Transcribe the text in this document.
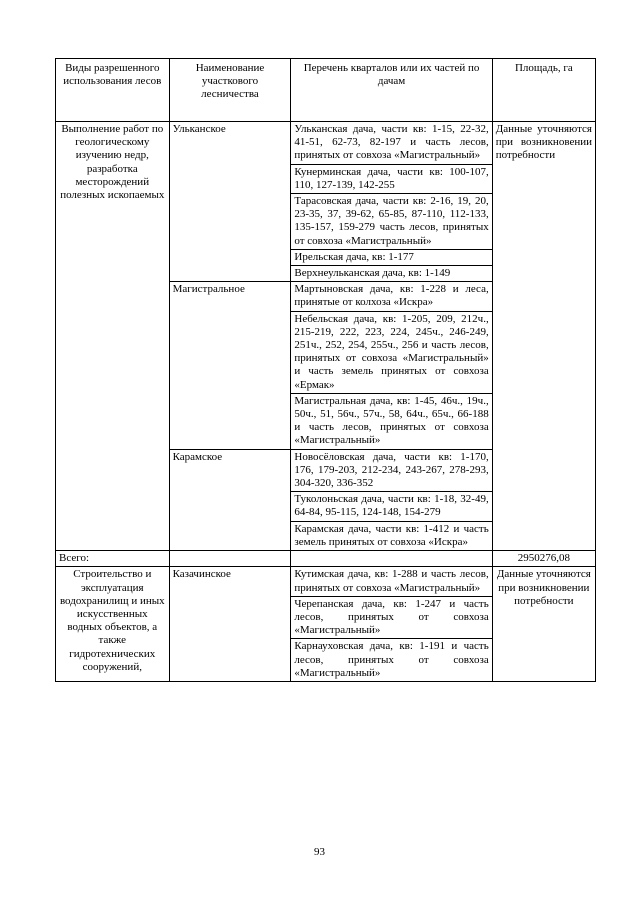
Виды разрешенного использования лесов	Наименование участкового лесничества	Перечень кварталов или их частей по дачам	Площадь, га
Выполнение работ по геологическому изучению недр, разработка месторождений полезных ископаемых	Ульканское	Ульканская дача, части кв: 1-15, 22-32, 41-51, 62-73, 82-197 и часть лесов, принятых от совхоза «Магистральный»	Данные уточняются при возникновении потребности
		Кунерминская дача, части кв: 100-107, 110, 127-139, 142-255	
		Тарасовская дача, части кв: 2-16, 19, 20, 23-35, 37, 39-62, 65-85, 87-110, 112-133, 135-157, 159-279 часть лесов, принятых от совхоза «Магистральный»	
		Ирельская дача, кв: 1-177	
		Верхнеульканская дача, кв: 1-149	
	Магистральное	Мартыновская дача, кв: 1-228 и леса, принятые от колхоза «Искра»	
		Небельская дача, кв: 1-205, 209, 212ч., 215-219, 222, 223, 224, 245ч., 246-249, 251ч., 252, 254, 255ч., 256 и часть лесов, принятых от совхоза «Магистральный» и часть земель принятых от совхоза «Ермак»	
		Магистральная дача, кв: 1-45, 46ч., 19ч., 50ч., 51, 56ч., 57ч., 58, 64ч., 65ч., 66-188 и часть лесов, принятых от совхоза «Магистральный»	
	Карамское	Новосёловская дача, части кв: 1-170, 176, 179-203, 212-234, 243-267, 278-293, 304-320, 336-352	
		Туколоньская дача, части кв: 1-18, 32-49, 64-84, 95-115, 124-148, 154-279	
		Карамская дача, части кв: 1-412 и часть земель принятых от совхоза «Искра»	
Всего:			2950276,08
Строительство и эксплуатация водохранилищ и иных искусственных водных объектов, а также гидротехнических сооружений,	Казачинское	Кутимская дача, кв: 1-288 и часть лесов, принятых от совхоза «Магистральный»	Данные уточняются при возникновении потребности
		Черепанская дача, кв: 1-247 и часть лесов, принятых от совхоза «Магистральный»	
		Карнауховская дача, кв: 1-191 и часть лесов, принятых от совхоза «Магистральный»	
93
